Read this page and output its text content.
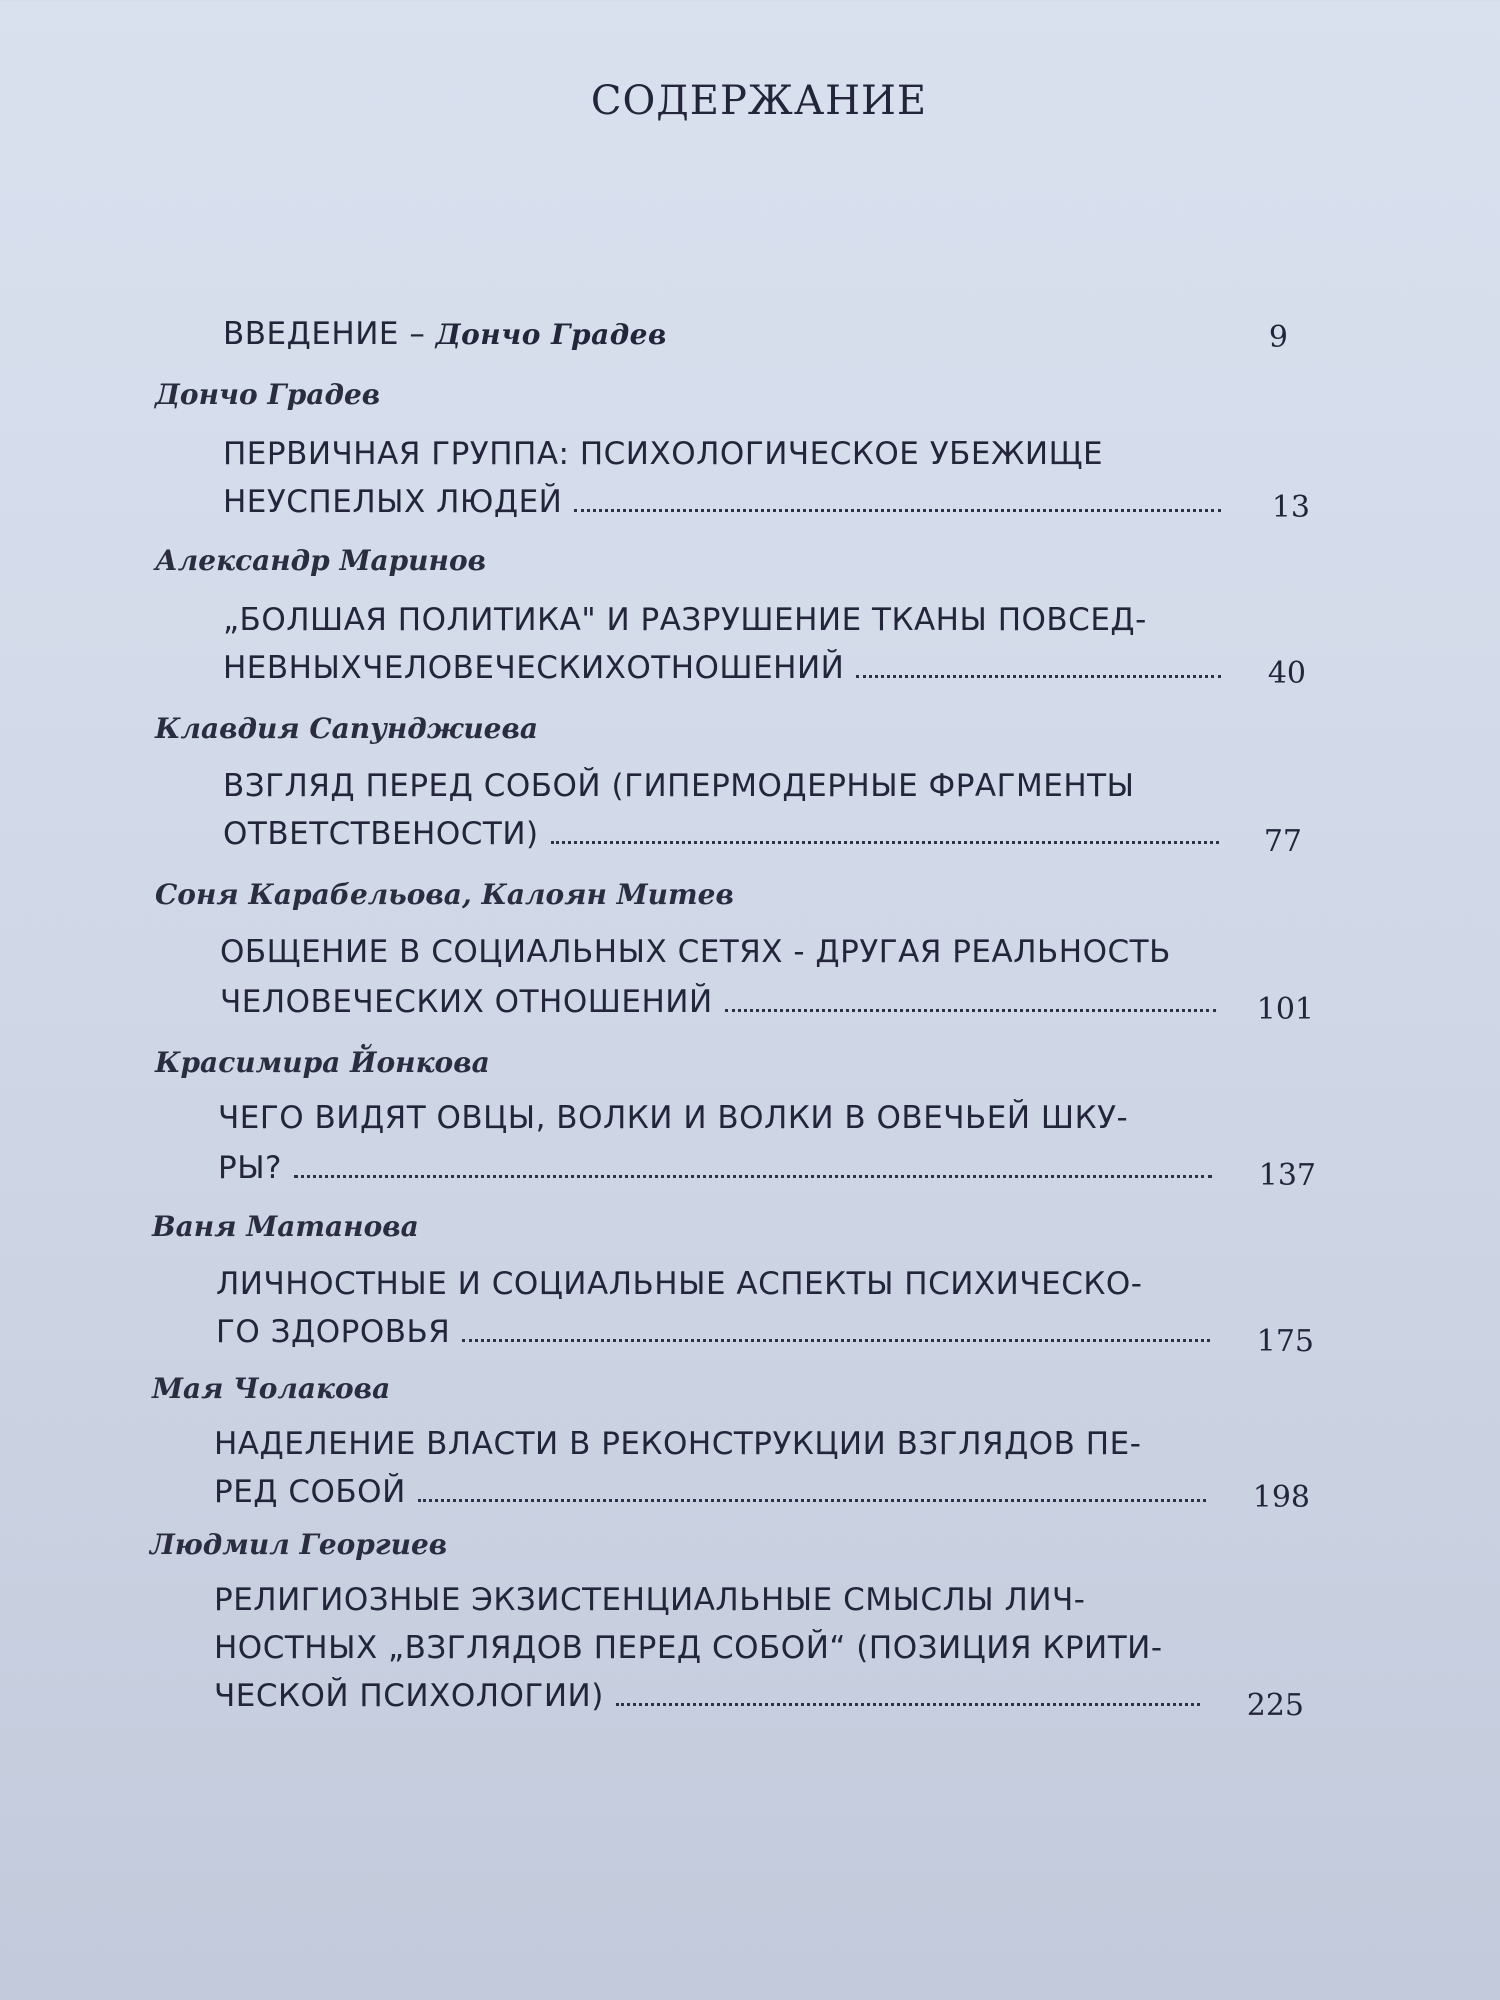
СОДЕРЖАНИЕ
ВВЕДЕНИЕ – Дончо Градев	9
Дончо Градев
ПЕРВИЧНАЯ ГРУППА: ПСИХОЛОГИЧЕСКОЕ УБЕЖИЩЕ
НЕУСПЕЛЫХ ЛЮДЕЙ	13
Александр Маринов
„БОЛШАЯ ПОЛИТИКА" И РАЗРУШЕНИЕ ТКАНЫ ПОВСЕД-
НЕВНЫХЧЕЛОВЕЧЕСКИХОТНОШЕНИЙ	40
Клавдия Сапунджиева
ВЗГЛЯД ПЕРЕД СОБОЙ (ГИПЕРМОДЕРНЫЕ ФРАГМЕНТЫ
ОТВЕТСТВЕНОСТИ)	77
Соня Карабельова, Калоян Митев
ОБЩЕНИЕ В СОЦИАЛЬНЫХ СЕТЯХ - ДРУГАЯ РЕАЛЬНОСТЬ
ЧЕЛОВЕЧЕСКИХ ОТНОШЕНИЙ	101
Красимира Йонкова
ЧЕГО ВИДЯТ ОВЦЫ, ВОЛКИ И ВОЛКИ В ОВЕЧЬЕЙ ШКУ-
РЫ?	137
Ваня Матанова
ЛИЧНОСТНЫЕ И СОЦИАЛЬНЫЕ АСПЕКТЫ ПСИХИЧЕСКО-
ГО ЗДОРОВЬЯ	175
Мая Чолакова
НАДЕЛЕНИЕ ВЛАСТИ В РЕКОНСТРУКЦИИ ВЗГЛЯДОВ ПЕ-
РЕД СОБОЙ	198
Людмил Георгиев
РЕЛИГИОЗНЫЕ ЭКЗИСТЕНЦИАЛЬНЫЕ СМЫСЛЫ ЛИЧ-
НОСТНЫХ „ВЗГЛЯДОВ ПЕРЕД СОБОЙ“ (ПОЗИЦИЯ КРИТИ-
ЧЕСКОЙ ПСИХОЛОГИИ)	225
